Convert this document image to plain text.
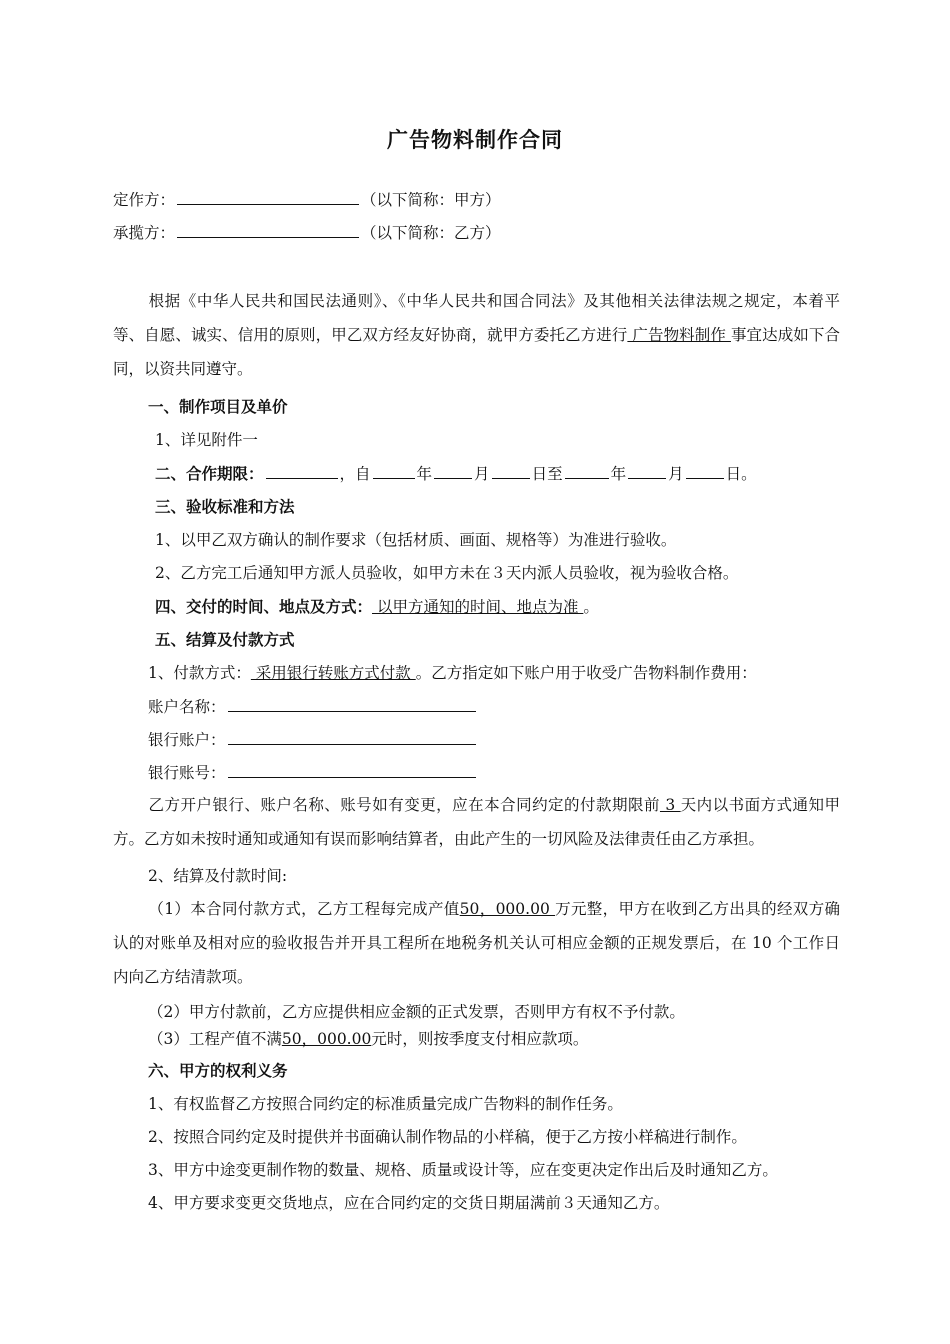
广告物料制作合同
定作方：	（以下简称：甲方）
承揽方：	（以下简称：乙方）
根据《中华人民共和国民法通则》、《中华人民共和国合同法》及其他相关法律法规之规定，本着平等、自愿、诚实、信用的原则，甲乙双方经友好协商，就甲方委托乙方进行 广告物料制作 事宜达成如下合同，以资共同遵守。
一、制作项目及单价
1、详见附件一
二、合作期限：	，自	年	月	日至	年	月	日。
三、验收标准和方法
1、以甲乙双方确认的制作要求（包括材质、画面、规格等）为准进行验收。
2、乙方完工后通知甲方派人员验收，如甲方未在３天内派人员验收，视为验收合格。
四、交付的时间、地点及方式： 以甲方通知的时间、地点为准 。
五、结算及付款方式
1、付款方式： 采用银行转账方式付款 。乙方指定如下账户用于收受广告物料制作费用：
账户名称：
银行账户：
银行账号：
乙方开户银行、账户名称、账号如有变更，应在本合同约定的付款期限前 3 天内以书面方式通知甲方。乙方如未按时通知或通知有误而影响结算者，由此产生的一切风险及法律责任由乙方承担。
2、结算及付款时间:
（1）本合同付款方式，乙方工程每完成产值50，000.00 万元整，甲方在收到乙方出具的经双方确认的对账单及相对应的验收报告并开具工程所在地税务机关认可相应金额的正规发票后，在 10 个工作日内向乙方结清款项。
（2）甲方付款前，乙方应提供相应金额的正式发票，否则甲方有权不予付款。
（3）工程产值不满50，000.00元时，则按季度支付相应款项。
六、甲方的权利义务
1、有权监督乙方按照合同约定的标准质量完成广告物料的制作任务。
2、按照合同约定及时提供并书面确认制作物品的小样稿，便于乙方按小样稿进行制作。
3、甲方中途变更制作物的数量、规格、质量或设计等，应在变更决定作出后及时通知乙方。
4、甲方要求变更交货地点，应在合同约定的交货日期届满前３天通知乙方。
